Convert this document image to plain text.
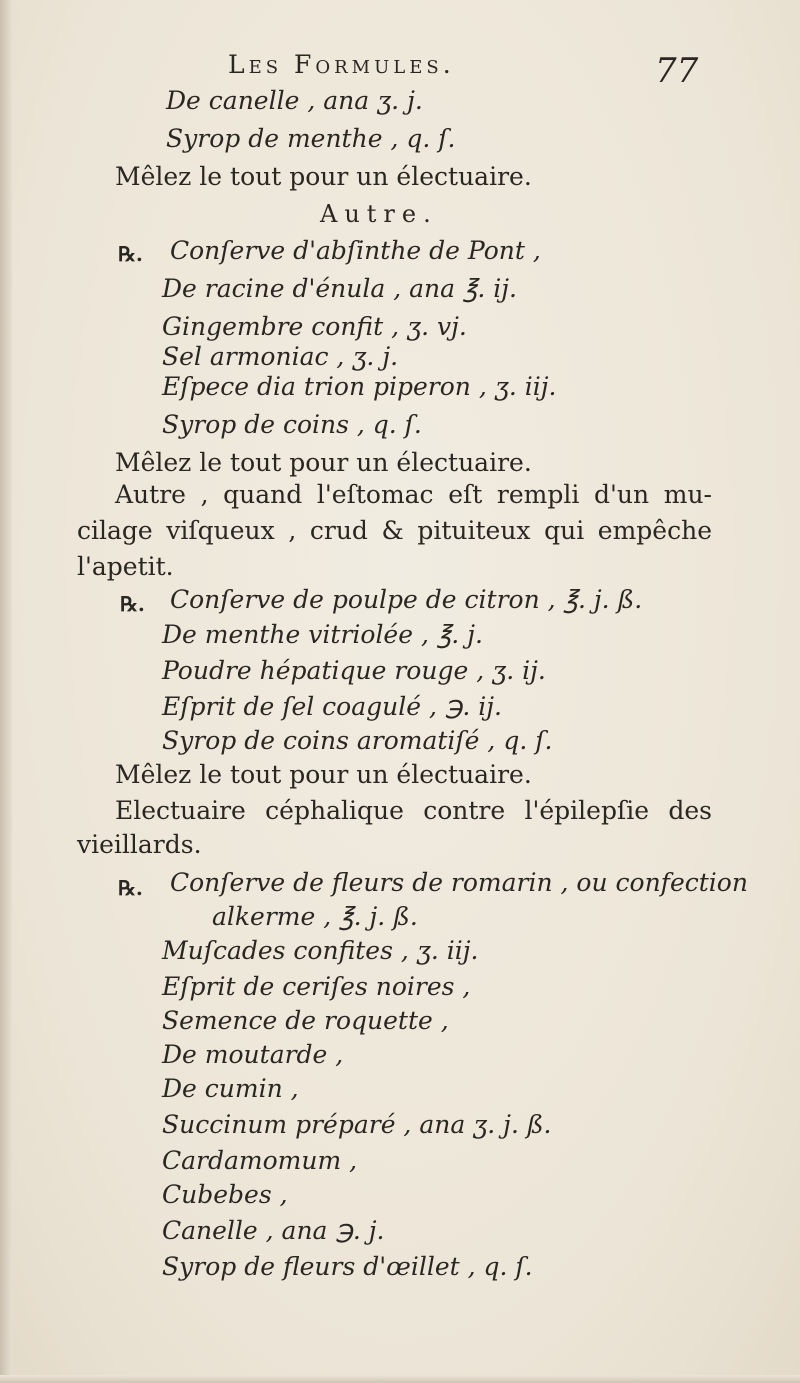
Les Formules.	77
De canelle , ana ʒ. j.
Syrop de menthe , q. ſ.
Mêlez le tout pour un électuaire.
Autre.
℞. Conſerve d'abſinthe de Pont ,
De racine d'énula , ana ℥. ij.
Gingembre confit , ʒ. vj.
Sel armoniac , ʒ. j.
Eſpece dia trion piperon , ʒ. iij.
Syrop de coins , q. ſ.
Mêlez le tout pour un électuaire.
Autre , quand l'eſtomac eſt rempli d'un mu-
cilage viſqueux , crud & pituiteux qui empêche
l'apetit.
℞. Conſerve de poulpe de citron , ℥. j. ß.
De menthe vitriolée , ℥. j.
Poudre hépatique rouge , ʒ. ij.
Eſprit de ſel coagulé , ℈. ij.
Syrop de coins aromatiſé , q. ſ.
Mêlez le tout pour un électuaire.
Electuaire céphalique contre l'épilepſie des
vieillards.
℞. Conſerve de fleurs de romarin , ou confection
alkerme , ℥. j. ß.
Muſcades confites , ʒ. iij.
Eſprit de ceriſes noires ,
Semence de roquette ,
De moutarde ,
De cumin ,
Succinum préparé , ana ʒ. j. ß.
Cardamomum ,
Cubebes ,
Canelle , ana ℈. j.
Syrop de fleurs d'œillet , q. ſ.
